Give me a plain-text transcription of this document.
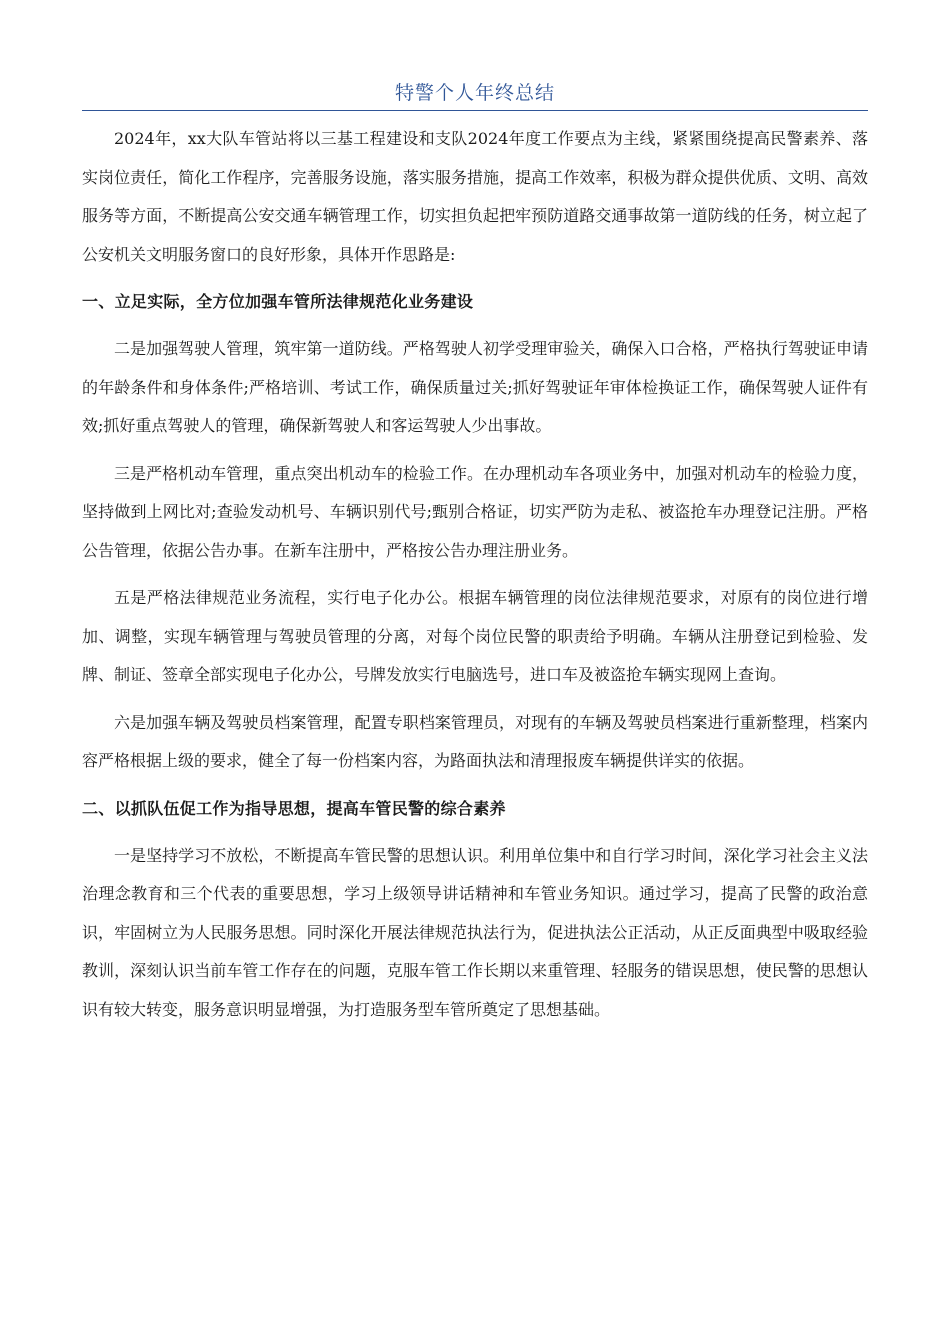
特警个人年终总结

2024年，xx大队车管站将以三基工程建设和支队2024年度工作要点为主线，紧紧围绕提高民警素养、落实岗位责任，简化工作程序，完善服务设施，落实服务措施，提高工作效率，积极为群众提供优质、文明、高效服务等方面，不断提高公安交通车辆管理工作，切实担负起把牢预防道路交通事故第一道防线的任务，树立起了公安机关文明服务窗口的良好形象，具体开作思路是:

一、立足实际，全方位加强车管所法律规范化业务建设

二是加强驾驶人管理，筑牢第一道防线。严格驾驶人初学受理审验关，确保入口合格，严格执行驾驶证申请的年龄条件和身体条件;严格培训、考试工作，确保质量过关;抓好驾驶证年审体检换证工作，确保驾驶人证件有效;抓好重点驾驶人的管理，确保新驾驶人和客运驾驶人少出事故。

三是严格机动车管理，重点突出机动车的检验工作。在办理机动车各项业务中，加强对机动车的检验力度，坚持做到上网比对;查验发动机号、车辆识别代号;甄别合格证，切实严防为走私、被盗抢车办理登记注册。严格公告管理，依据公告办事。在新车注册中，严格按公告办理注册业务。

五是严格法律规范业务流程，实行电子化办公。根据车辆管理的岗位法律规范要求，对原有的岗位进行增加、调整，实现车辆管理与驾驶员管理的分离，对每个岗位民警的职责给予明确。车辆从注册登记到检验、发牌、制证、签章全部实现电子化办公，号牌发放实行电脑选号，进口车及被盗抢车辆实现网上查询。

六是加强车辆及驾驶员档案管理，配置专职档案管理员，对现有的车辆及驾驶员档案进行重新整理，档案内容严格根据上级的要求，健全了每一份档案内容，为路面执法和清理报废车辆提供详实的依据。

二、以抓队伍促工作为指导思想，提高车管民警的综合素养

一是坚持学习不放松，不断提高车管民警的思想认识。利用单位集中和自行学习时间，深化学习社会主义法治理念教育和三个代表的重要思想，学习上级领导讲话精神和车管业务知识。通过学习，提高了民警的政治意识，牢固树立为人民服务思想。同时深化开展法律规范执法行为，促进执法公正活动，从正反面典型中吸取经验教训，深刻认识当前车管工作存在的问题，克服车管工作长期以来重管理、轻服务的错误思想，使民警的思想认识有较大转变，服务意识明显增强，为打造服务型车管所奠定了思想基础。
